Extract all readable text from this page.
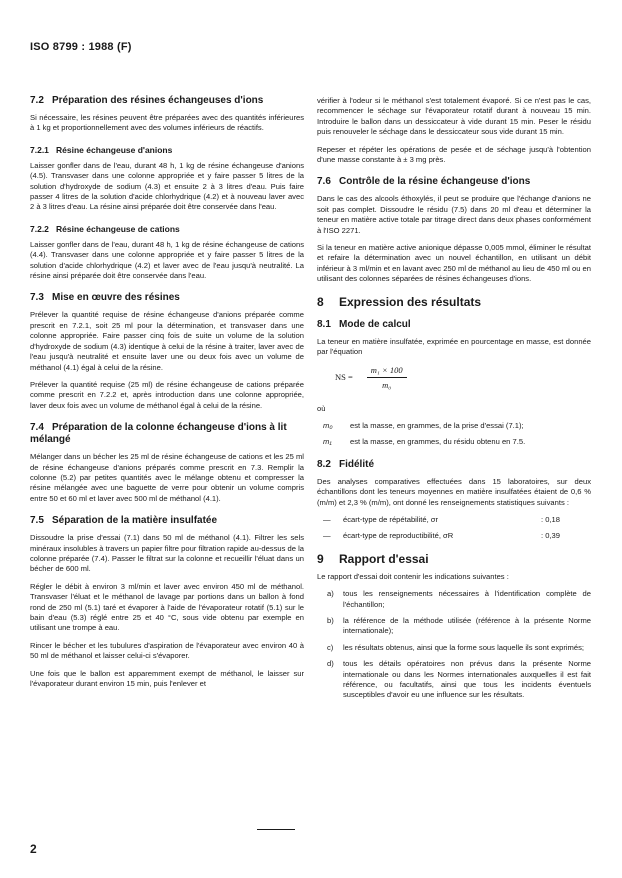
ISO 8799 : 1988 (F)
7.2 Préparation des résines échangeuses d'ions

Si nécessaire, les résines peuvent être préparées avec des quantités inférieures à 1 kg et proportionnellement avec des volumes inférieurs de réactifs.

7.2.1 Résine échangeuse d'anions

Laisser gonfler dans de l'eau, durant 48 h, 1 kg de résine échangeuse d'anions (4.5). Transvaser dans une colonne appropriée et y faire passer 5 litres de la solution d'hydroxyde de sodium (4.3) et ensuite 2 à 3 litres d'eau. Puis faire passer 4 litres de la solution d'acide chlorhydrique (4.2) et à nouveau laver avec 2 à 3 litres d'eau. La résine ainsi préparée doit être conservée dans l'eau.

7.2.2 Résine échangeuse de cations

Laisser gonfler dans de l'eau, durant 48 h, 1 kg de résine échangeuse de cations (4.4). Transvaser dans une colonne appropriée et y faire passer 5 litres de la solution d'acide chlorhydrique (4.2) et laver avec de l'eau jusqu'à neutralité. La résine ainsi préparée doit être conservée dans l'eau.

7.3 Mise en œuvre des résines

Prélever la quantité requise de résine échangeuse d'anions préparée comme prescrit en 7.2.1, soit 25 ml pour la détermination, et transvaser dans une colonne appropriée. Faire passer cinq fois de suite un volume de la solution d'hydroxyde de sodium (4.3) identique à celui de la résine à traiter, laver avec de l'eau jusqu'à neutralité et ensuite laver une ou deux fois avec un volume de méthanol (4.1) égal à celui de la résine.

Prélever la quantité requise (25 ml) de résine échangeuse de cations préparée comme prescrit en 7.2.2 et, après introduction dans une colonne appropriée, laver deux fois avec un volume de méthanol égal à celui de la résine.

7.4 Préparation de la colonne échangeuse d'ions à lit mélangé

Mélanger dans un bécher les 25 ml de résine échangeuse de cations et les 25 ml de résine échangeuse d'anions préparés comme prescrit en 7.3. Remplir la colonne (5.2) par petites quantités avec le mélange obtenu et compresser la résine mélangée avec une baguette de verre pour obtenir un volume compris entre 50 et 60 ml et laver avec 500 ml de méthanol (4.1).

7.5 Séparation de la matière insulfatée

Dissoudre la prise d'essai (7.1) dans 50 ml de méthanol (4.1). Filtrer les sels minéraux insolubles à travers un papier filtre pour filtration rapide au-dessus de la colonne préparée (7.4). Passer le filtrat sur la colonne et recueillir l'éluat dans un bécher de 600 ml.

Régler le débit à environ 3 ml/min et laver avec environ 450 ml de méthanol. Transvaser l'éluat et le méthanol de lavage par portions dans un ballon à fond rond de 250 ml (5.1) taré et évaporer à l'aide de l'évaporateur rotatif (5.1) sur le bain d'eau (5.3) réglé entre 25 et 40 °C, sous vide obtenu par exemple en utilisant une trompe à eau.

Rincer le bécher et les tubulures d'aspiration de l'évaporateur avec environ 40 à 50 ml de méthanol et laisser celui-ci s'évaporer.

Une fois que le ballon est apparemment exempt de méthanol, le laisser sur l'évaporateur durant environ 15 min, puis l'enlever et

vérifier à l'odeur si le méthanol s'est totalement évaporé. Si ce n'est pas le cas, recommencer le séchage sur l'évaporateur rotatif durant à nouveau 15 min. Introduire le ballon dans un dessiccateur à vide durant 15 min. Peser le résidu puis renouveler le séchage dans le dessiccateur sous vide durant 15 min.

Repeser et répéter les opérations de pesée et de séchage jusqu'à l'obtention d'une masse constante à ± 3 mg près.

7.6 Contrôle de la résine échangeuse d'ions

Dans le cas des alcools éthoxylés, il peut se produire que l'échange d'anions ne soit pas complet. Dissoudre le résidu (7.5) dans 20 ml d'eau et déterminer la teneur en matière active totale par titrage direct dans deux phases conformément à l'ISO 2271.

Si la teneur en matière active anionique dépasse 0,005 mmol, éliminer le résultat et refaire la détermination avec un nouvel échantillon, en utilisant un débit inférieur à 3 ml/min et en lavant avec 250 ml de méthanol au lieu de 450 ml ou en utilisant des colonnes séparées de résines échangeuses d'ions.

8 Expression des résultats
8.1 Mode de calcul

La teneur en matière insulfatée, exprimée en pourcentage en masse, est donnée par l'équation

NS = $\frac{\text{m₁ × 100}}{\text{m₀}}$

où

m₀	est la masse, en grammes, de la prise d'essai (7.1);
m₁	est la masse, en grammes, du résidu obtenu en 7.5.
8.2 Fidélité

Des analyses comparatives effectuées dans 15 laboratoires, sur deux échantillons dont les teneurs moyennes en matière insulfatées étaient de 0,6 % (m/m) et 2,3 % (m/m), ont donné les renseignements statistiques suivants :

—	écart-type de répétabilité, σr	: 0,18
—	écart-type de reproductibilité, σR	: 0,39
9 Rapport d'essai

Le rapport d'essai doit contenir les indications suivantes :

a)	tous les renseignements nécessaires à l'identification complète de l'échantillon;
b)	la référence de la méthode utilisée (référence à la présente Norme internationale);
c)	les résultats obtenus, ainsi que la forme sous laquelle ils sont exprimés;
d)	tous les détails opératoires non prévus dans la présente Norme internationale ou dans les Normes internationales auxquelles il est fait référence, ou facultatifs, ainsi que tous les incidents éventuels susceptibles d'avoir eu une influence sur les résultats.
2
